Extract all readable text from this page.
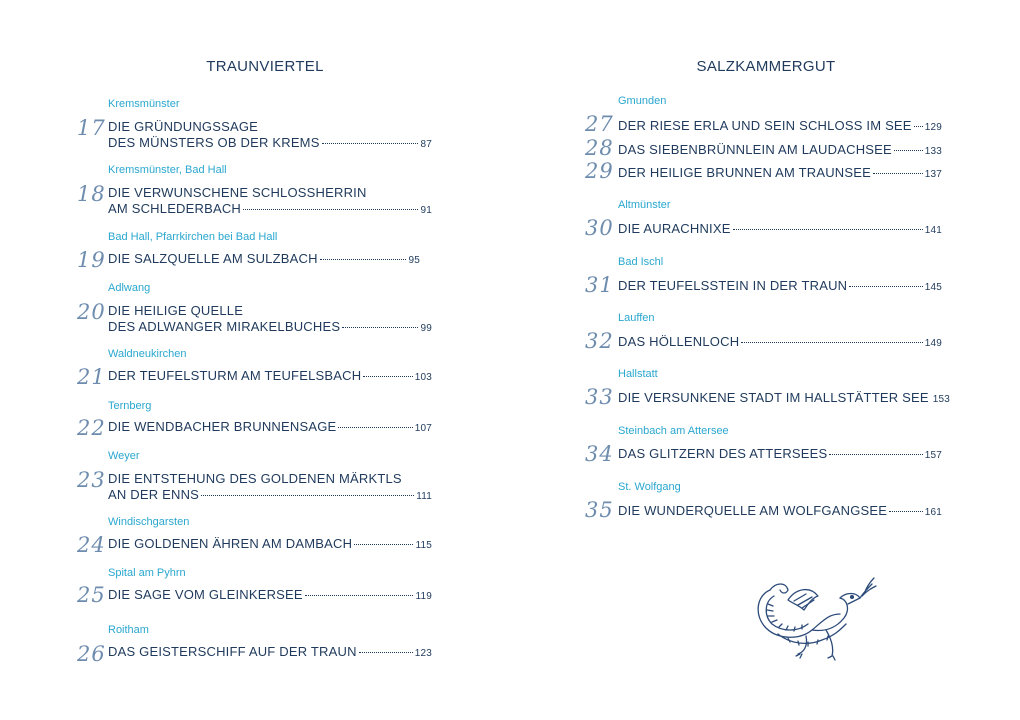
TRAUNVIERTEL
Kremsmünster
17 DIE GRÜNDUNGSSAGE
DES MÜNSTERS OB DER KREMS	87
Kremsmünster, Bad Hall
18 DIE VERWUNSCHENE SCHLOSSHERRIN
AM SCHLEDERBACH	91
Bad Hall, Pfarrkirchen bei Bad Hall
19 DIE SALZQUELLE AM SULZBACH	95
Adlwang
20 DIE HEILIGE QUELLE
DES ADLWANGER MIRAKELBUCHES	99
Waldneukirchen
21 DER TEUFELSTURM AM TEUFELSBACH	103
Ternberg
22 DIE WENDBACHER BRUNNENSAGE	107
Weyer
23 DIE ENTSTEHUNG DES GOLDENEN MÄRKTLS
AN DER ENNS	111
Windischgarsten
24 DIE GOLDENEN ÄHREN AM DAMBACH	115
Spital am Pyhrn
25 DIE SAGE VOM GLEINKERSEE	119
Roitham
26 DAS GEISTERSCHIFF AUF DER TRAUN	123
SALZKAMMERGUT
Gmunden
27 DER RIESE ERLA UND SEIN SCHLOSS IM SEE 129
28 DAS SIEBENBRÜNNLEIN AM LAUDACHSEE	133
29 DER HEILIGE BRUNNEN AM TRAUNSEE	137
Altmünster
30 DIE AURACHNIXE	141
Bad Ischl
31 DER TEUFELSSTEIN IN DER TRAUN	145
Lauffen
32 DAS HÖLLENLOCH	149
Hallstatt
33 DIE VERSUNKENE STADT IM HALLSTÄTTER SEE 153
Steinbach am Attersee
34 DAS GLITZERN DES ATTERSEES	157
St. Wolfgang
35 DIE WUNDERQUELLE AM WOLFGANGSEE	161
